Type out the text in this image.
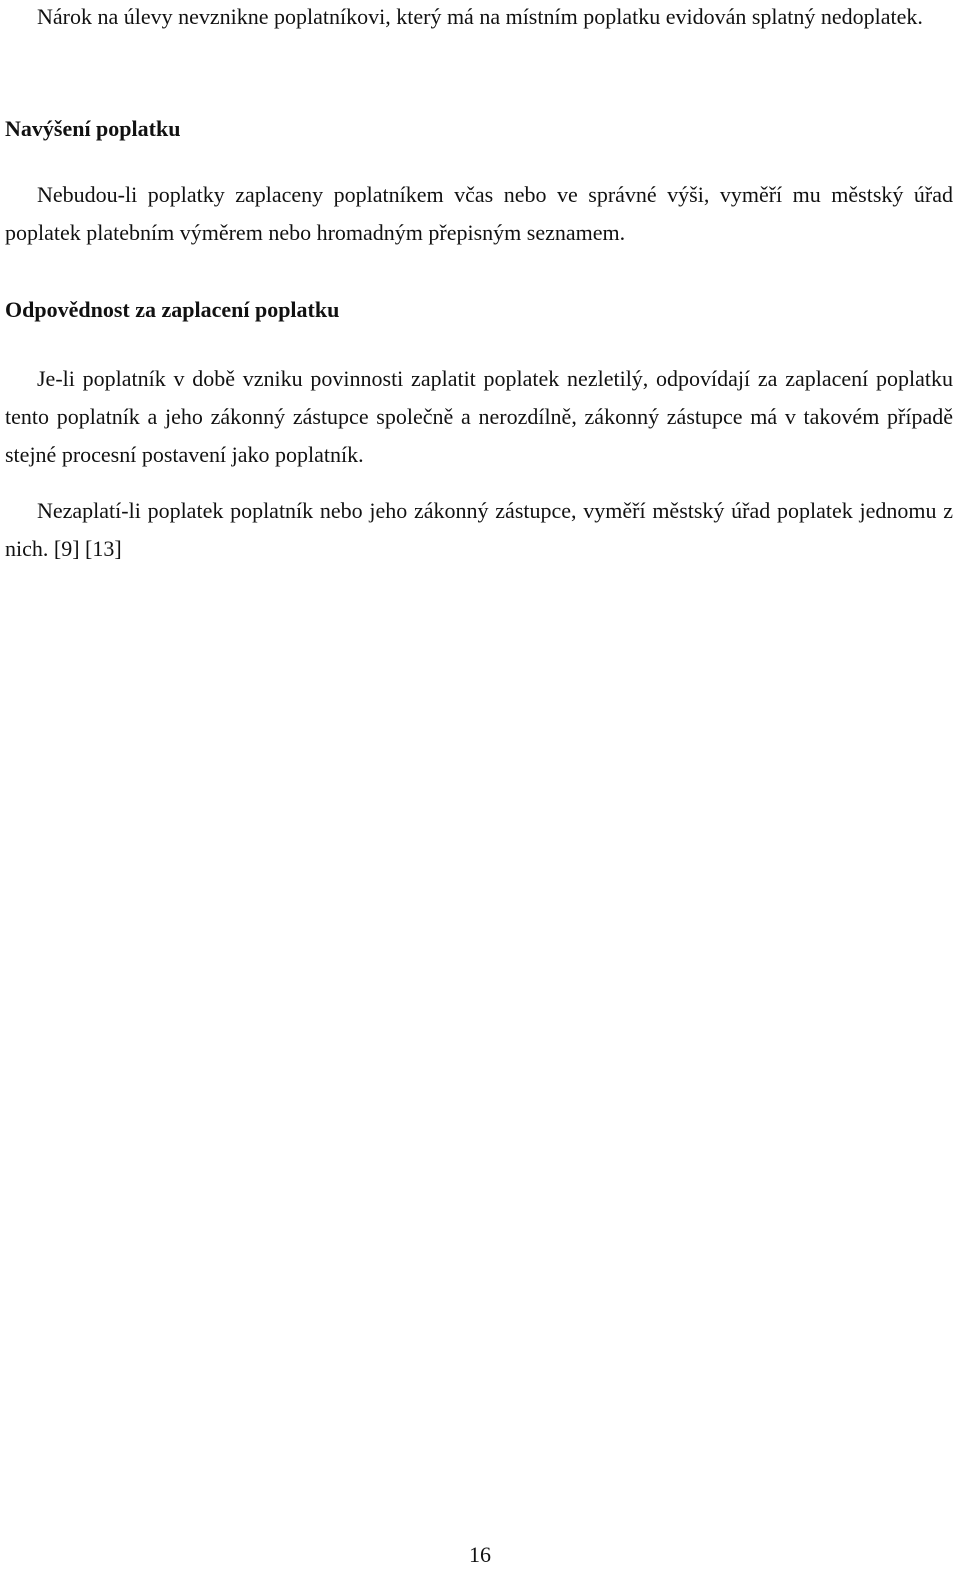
Nárok na úlevy nevznikne poplatníkovi, který má na místním poplatku evidován splatný nedoplatek.

Navýšení poplatku

Nebudou-li poplatky zaplaceny poplatníkem včas nebo ve správné výši, vyměří mu městský úřad poplatek platebním výměrem nebo hromadným přepisným seznamem.

Odpovědnost za zaplacení poplatku

Je-li poplatník v době vzniku povinnosti zaplatit poplatek nezletilý, odpovídají za zaplacení poplatku tento poplatník a jeho zákonný zástupce společně a nerozdílně, zákonný zástupce má v takovém případě stejné procesní postavení jako poplatník.

Nezaplatí-li poplatek poplatník nebo jeho zákonný zástupce, vyměří městský úřad poplatek jednomu z nich. [9] [13]

16
